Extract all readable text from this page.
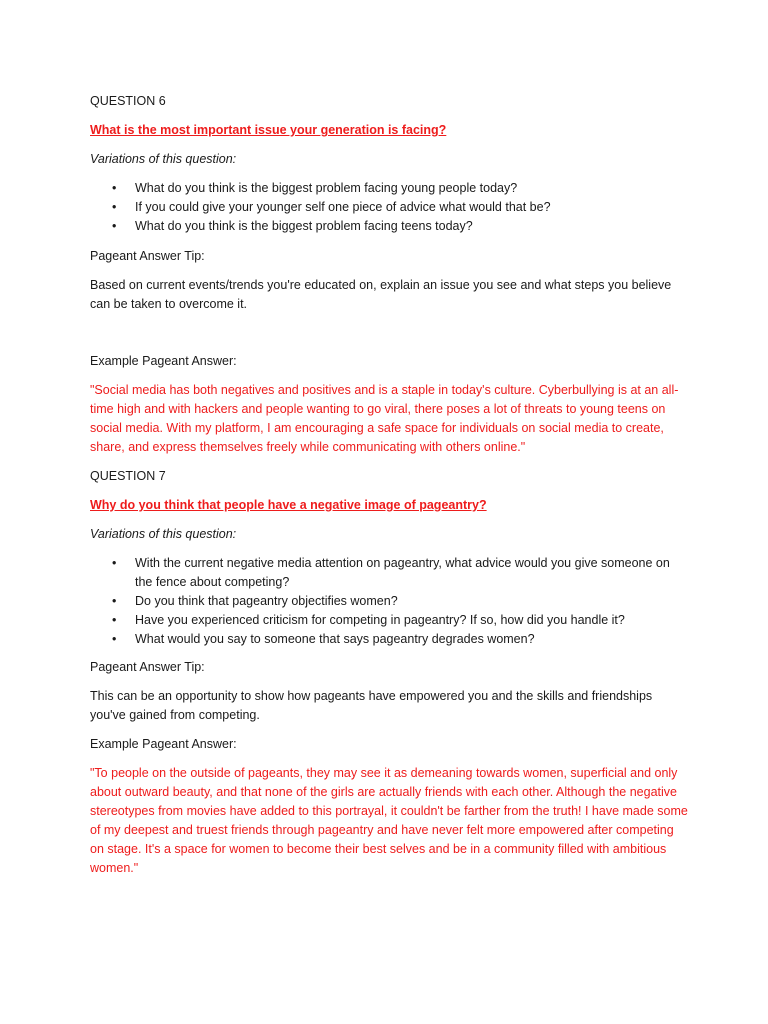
QUESTION 6

What is the most important issue your generation is facing?

Variations of this question:

• What do you think is the biggest problem facing young people today?
• If you could give your younger self one piece of advice what would that be?
• What do you think is the biggest problem facing teens today?

Pageant Answer Tip:

Based on current events/trends you're educated on, explain an issue you see and what steps you believe can be taken to overcome it.

Example Pageant Answer:

"Social media has both negatives and positives and is a staple in today's culture. Cyberbullying is at an all-time high and with hackers and people wanting to go viral, there poses a lot of threats to young teens on social media. With my platform, I am encouraging a safe space for individuals on social media to create, share, and express themselves freely while communicating with others online."

QUESTION 7

Why do you think that people have a negative image of pageantry?

Variations of this question:

• With the current negative media attention on pageantry, what advice would you give someone on the fence about competing?
• Do you think that pageantry objectifies women?
• Have you experienced criticism for competing in pageantry? If so, how did you handle it?
• What would you say to someone that says pageantry degrades women?

Pageant Answer Tip:

This can be an opportunity to show how pageants have empowered you and the skills and friendships you've gained from competing.

Example Pageant Answer:

"To people on the outside of pageants, they may see it as demeaning towards women, superficial and only about outward beauty, and that none of the girls are actually friends with each other. Although the negative stereotypes from movies have added to this portrayal, it couldn't be farther from the truth! I have made some of my deepest and truest friends through pageantry and have never felt more empowered after competing on stage. It's a space for women to become their best selves and be in a community filled with ambitious women."
